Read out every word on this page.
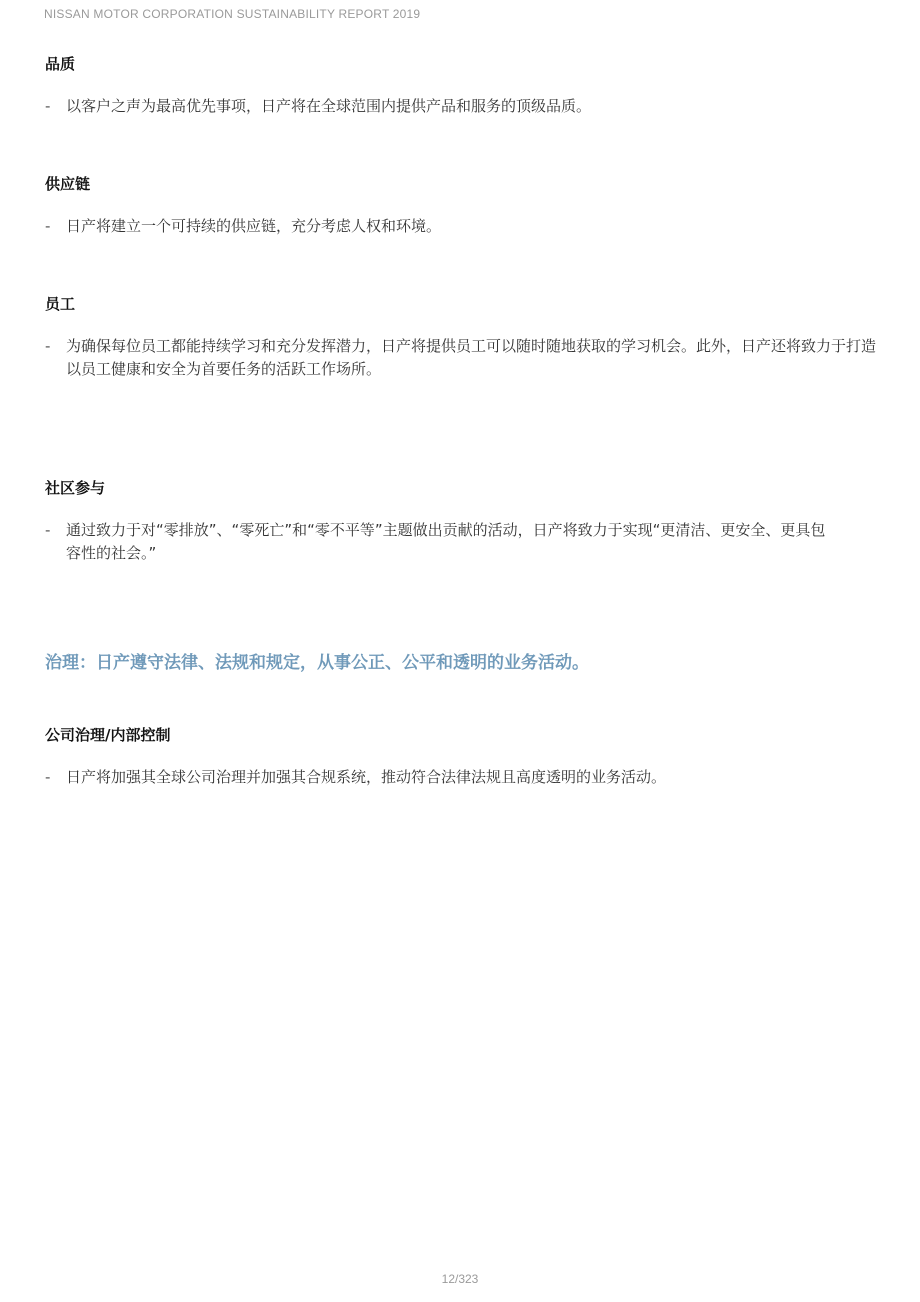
NISSAN MOTOR CORPORATION SUSTAINABILITY REPORT 2019
品质
-	以客户之声为最高优先事项，日产将在全球范围内提供产品和服务的顶级品质。
供应链
-	日产将建立一个可持续的供应链，充分考虑人权和环境。
员工
-	为确保每位员工都能持续学习和充分发挥潜力，日产将提供员工可以随时随地获取的学习机会。此外，日产还将致力于打造以员工健康和安全为首要任务的活跃工作场所。
社区参与
-	通过致力于对“零排放”、“零死亡”和“零不平等”主题做出贡献的活动，日产将致力于实现“更清洁、更安全、更具包容性的社会。”
治理：日产遵守法律、法规和规定，从事公正、公平和透明的业务活动。
公司治理/内部控制
-	日产将加强其全球公司治理并加强其合规系统，推动符合法律法规且高度透明的业务活动。
12/323
